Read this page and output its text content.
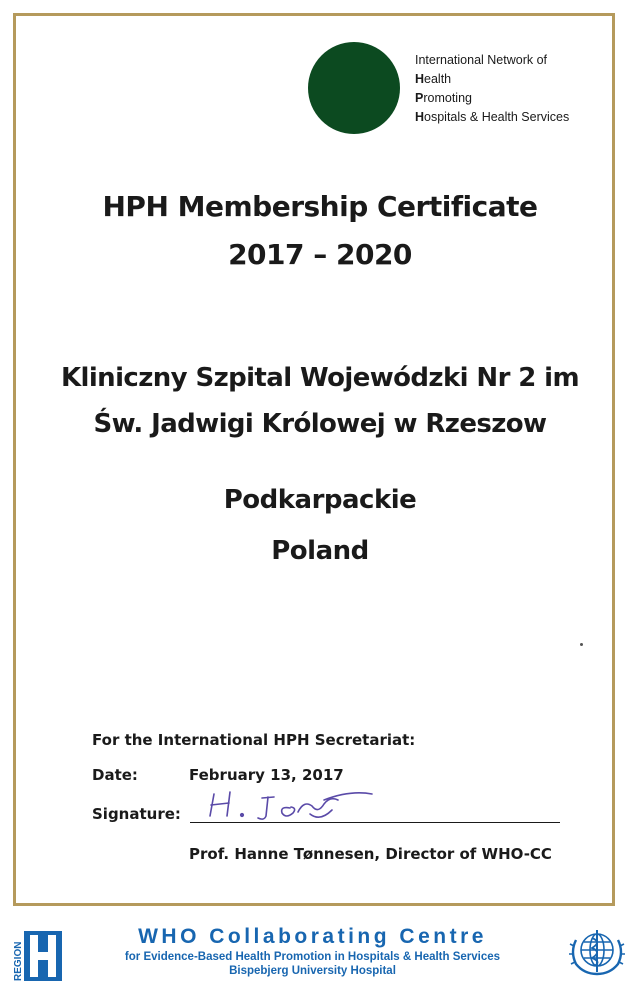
International Network of
Health
Promoting
Hospitals & Health Services
HPH Membership Certificate
2017 – 2020
Kliniczny Szpital Wojewódzki Nr 2 im
Św. Jadwigi Królowej w Rzeszow
Podkarpackie
Poland
For the International HPH Secretariat:
Date:	February 13, 2017
Signature:
Prof. Hanne Tønnesen, Director of WHO-CC
REGION
WHO Collaborating Centre
for Evidence-Based Health Promotion in Hospitals & Health Services
Bispebjerg University Hospital
